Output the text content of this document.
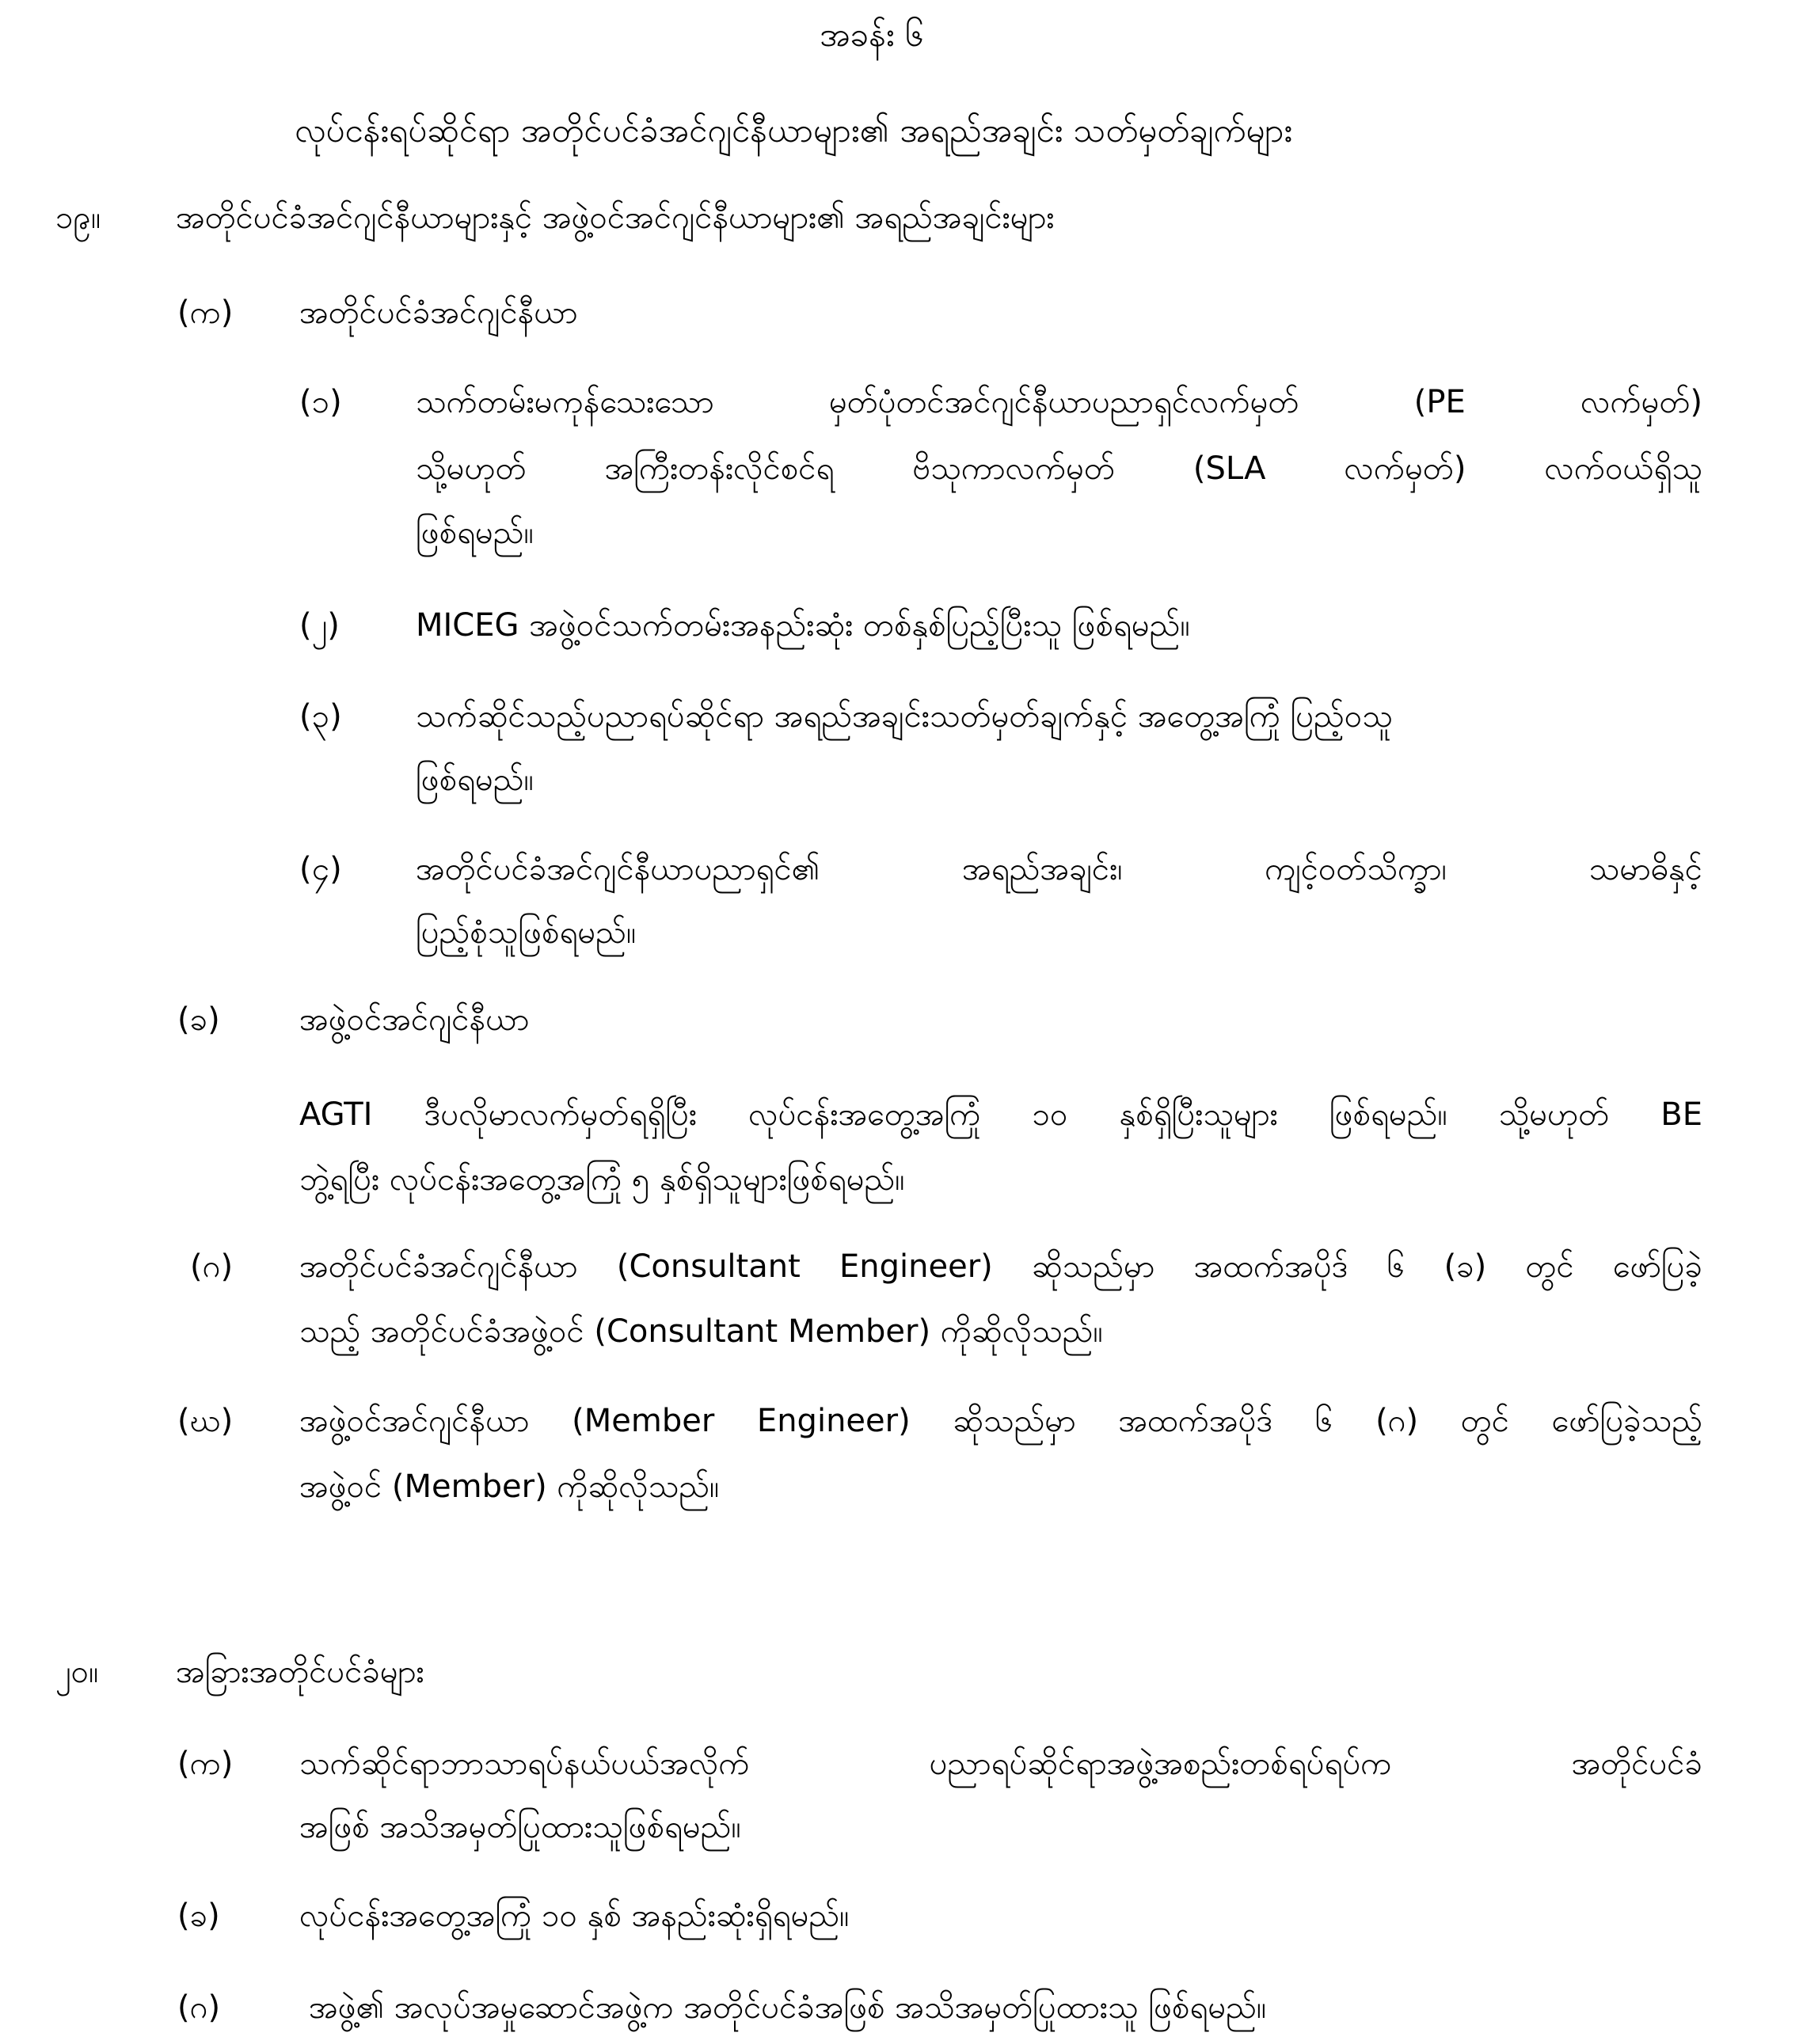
အခန်း ၆
လုပ်ငန်းရပ်ဆိုင်ရာ အတိုင်ပင်ခံအင်ဂျင်နီယာများ၏ အရည်အချင်း သတ်မှတ်ချက်များ
၁၉။ အတိုင်ပင်ခံအင်ဂျင်နီယာများနှင့် အဖွဲ့ဝင်အင်ဂျင်နီယာများ၏ အရည်အချင်းများ
(က) အတိုင်ပင်ခံအင်ဂျင်နီယာ
(၁) သက်တမ်းမကုန်သေးသော မှတ်ပုံတင်အင်ဂျင်နီယာပညာရှင်လက်မှတ် (PE လက်မှတ်)
သို့မဟုတ် အကြီးတန်းလိုင်စင်ရ ဗိသုကာလက်မှတ် (SLA လက်မှတ်) လက်ဝယ်ရှိသူ
ဖြစ်ရမည်။
(၂) MICEG အဖွဲ့ဝင်သက်တမ်းအနည်းဆုံး တစ်နှစ်ပြည့်ပြီးသူ ဖြစ်ရမည်။
(၃) သက်ဆိုင်သည့်ပညာရပ်ဆိုင်ရာ အရည်အချင်းသတ်မှတ်ချက်နှင့် အတွေ့အကြုံ ပြည့်ဝသူ
ဖြစ်ရမည်။
(၄) အတိုင်ပင်ခံအင်ဂျင်နီယာပညာရှင်၏ အရည်အချင်း၊ ကျင့်ဝတ်သိက္ခာ၊ သမာဓိနှင့်
ပြည့်စုံသူဖြစ်ရမည်။
(ခ)	အဖွဲ့ဝင်အင်ဂျင်နီယာ
AGTI ဒီပလိုမာလက်မှတ်ရရှိပြီး လုပ်ငန်းအတွေ့အကြုံ ၁၀ နှစ်ရှိပြီးသူများ ဖြစ်ရမည်။ သို့မဟုတ် BE
ဘွဲ့ရပြီး လုပ်ငန်းအတွေ့အကြုံ ၅ နှစ်ရှိသူများဖြစ်ရမည်။
(ဂ) အတိုင်ပင်ခံအင်ဂျင်နီယာ (Consultant Engineer) ဆိုသည်မှာ အထက်အပိုဒ် ၆ (ခ) တွင် ဖော်ပြခဲ့
သည့် အတိုင်ပင်ခံအဖွဲ့ဝင် (Consultant Member) ကိုဆိုလိုသည်။
(ဃ) အဖွဲ့ဝင်အင်ဂျင်နီယာ (Member Engineer) ဆိုသည်မှာ အထက်အပိုဒ် ၆ (ဂ) တွင် ဖော်ပြခဲ့သည့်
အဖွဲ့ဝင် (Member) ကိုဆိုလိုသည်။
၂၀။ အခြားအတိုင်ပင်ခံများ
(က) သက်ဆိုင်ရာဘာသာရပ်နယ်ပယ်အလိုက် ပညာရပ်ဆိုင်ရာအဖွဲ့အစည်းတစ်ရပ်ရပ်က အတိုင်ပင်ခံ
အဖြစ် အသိအမှတ်ပြုထားသူဖြစ်ရမည်။
(ခ)	လုပ်ငန်းအတွေ့အကြုံ ၁၀ နှစ် အနည်းဆုံးရှိရမည်။
(ဂ)	အဖွဲ့၏ အလုပ်အမှုဆောင်အဖွဲ့က အတိုင်ပင်ခံအဖြစ် အသိအမှတ်ပြုထားသူ ဖြစ်ရမည်။
